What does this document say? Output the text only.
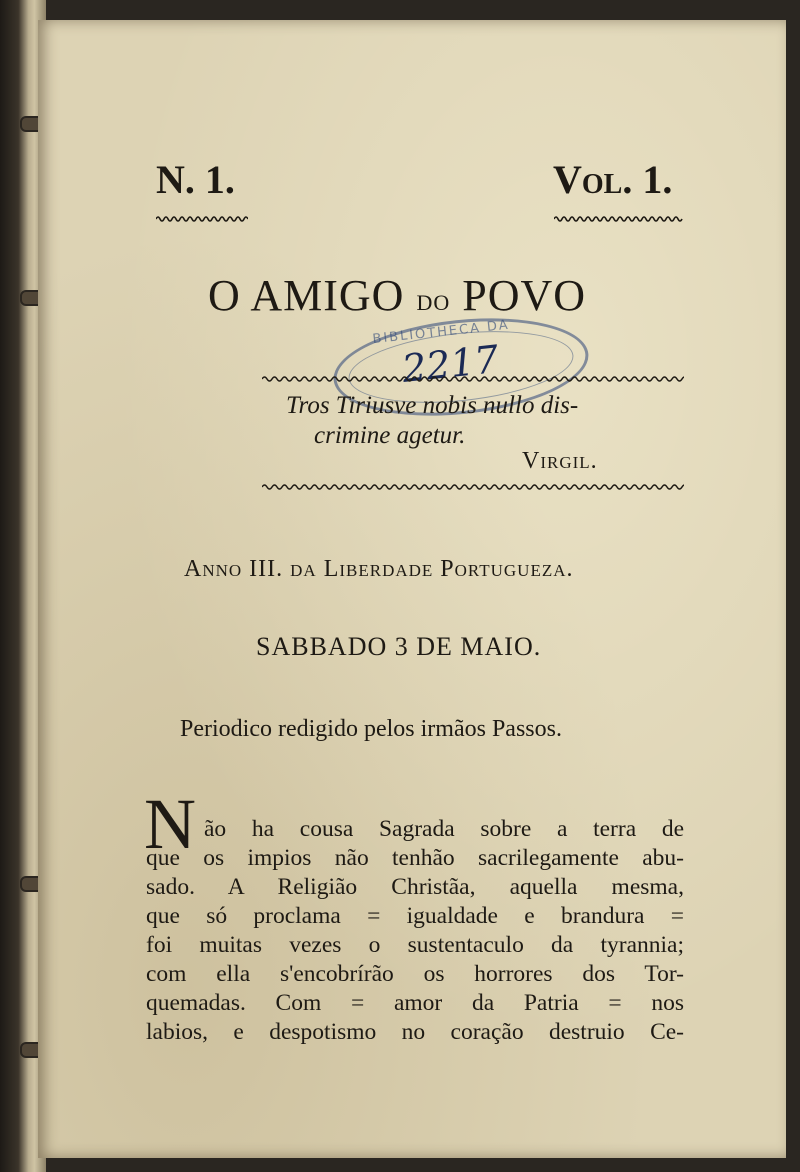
N. 1.	Vol. 1.
O AMIGO DO POVO
BIBLIOTHECA DA
2217
Tros Tiriusve nobis nullo dis-
crimine agetur.
Virgil.
Anno III. da Liberdade Portugueza.
SABBADO 3 DE MAIO.
Periodico redigido pelos irmãos Passos.
N ão ha cousa Sagrada sobre a terra de
que os impios não tenhão sacrilegamente abu-
sado. A Religião Christãa, aquella mesma,
que só proclama = igualdade e brandura =
foi muitas vezes o sustentaculo da tyrannia;
com ella s'encobrírão os horrores dos Tor-
quemadas. Com = amor da Patria = nos
labios, e despotismo no coração destruio Ce-
